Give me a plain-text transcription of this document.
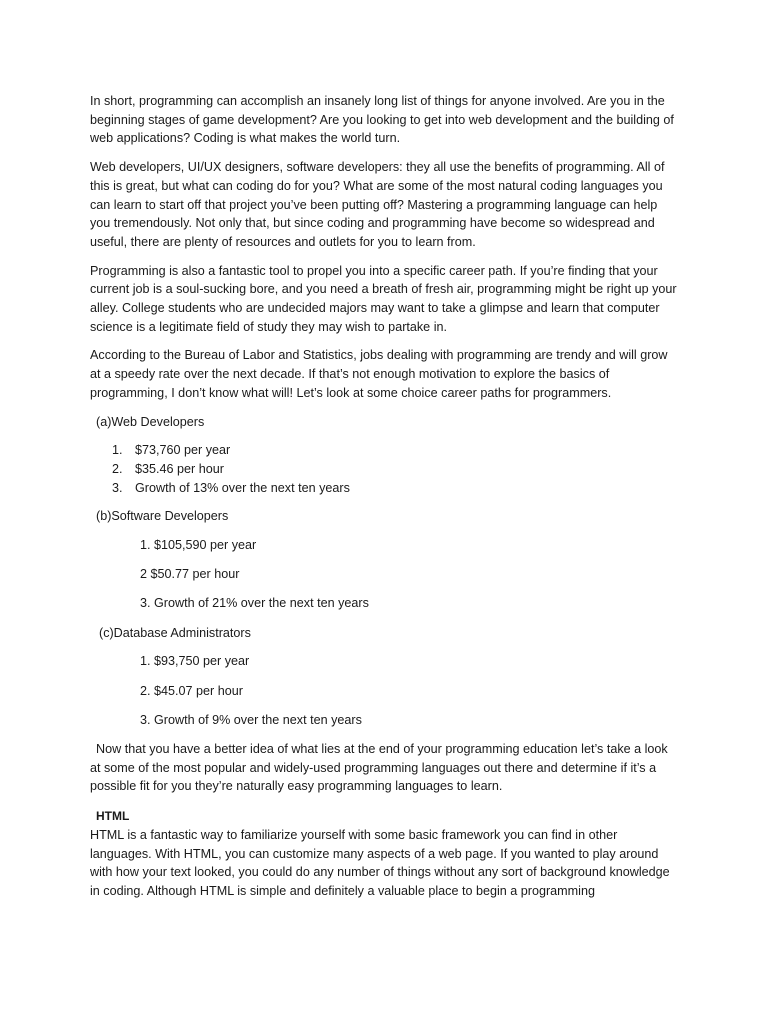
In short, programming can accomplish an insanely long list of things for anyone involved. Are you in the beginning stages of game development? Are you looking to get into web development and the building of web applications? Coding is what makes the world turn.

Web developers, UI/UX designers, software developers: they all use the benefits of programming. All of this is great, but what can coding do for you? What are some of the most natural coding languages you can learn to start off that project you’ve been putting off? Mastering a programming language can help you tremendously. Not only that, but since coding and programming have become so widespread and useful, there are plenty of resources and outlets for you to learn from.

Programming is also a fantastic tool to propel you into a specific career path. If you’re finding that your current job is a soul-sucking bore, and you need a breath of fresh air, programming might be right up your alley. College students who are undecided majors may want to take a glimpse and learn that computer science is a legitimate field of study they may wish to partake in.

According to the Bureau of Labor and Statistics, jobs dealing with programming are trendy and will grow at a speedy rate over the next decade. If that’s not enough motivation to explore the basics of programming, I don’t know what will! Let’s look at some choice career paths for programmers.

(a)Web Developers
1. $73,760 per year
2. $35.46 per hour
3. Growth of 13% over the next ten years
(b)Software Developers
1. $105,590 per year
2 $50.77 per hour
3. Growth of 21% over the next ten years
(c)Database Administrators
1. $93,750 per year
2. $45.07 per hour
3. Growth of 9% over the next ten years

Now that you have a better idea of what lies at the end of your programming education let’s take a look at some of the most popular and widely-used programming languages out there and determine if it’s a possible fit for you they’re naturally easy programming languages to learn.

HTML

HTML is a fantastic way to familiarize yourself with some basic framework you can find in other languages. With HTML, you can customize many aspects of a web page. If you wanted to play around with how your text looked, you could do any number of things without any sort of background knowledge in coding. Although HTML is simple and definitely a valuable place to begin a programming
